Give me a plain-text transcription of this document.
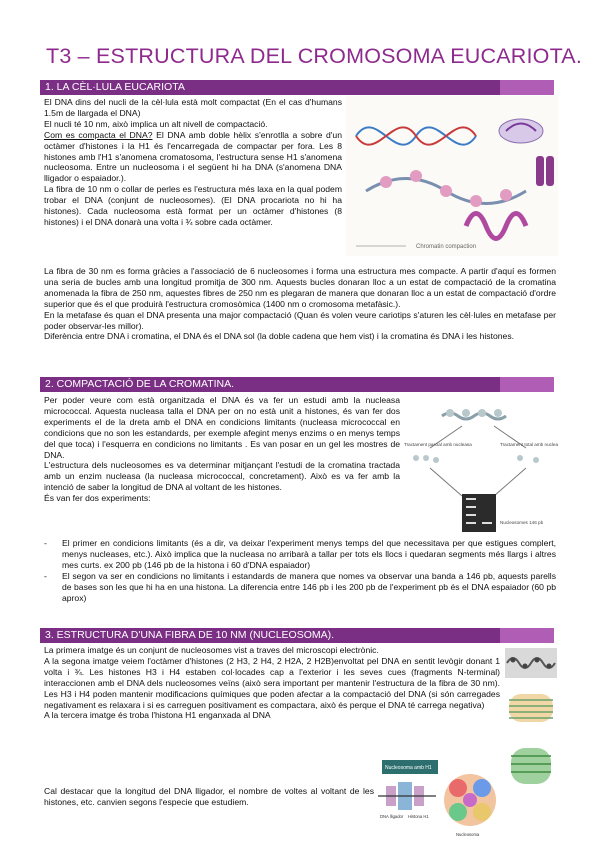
T3 – ESTRUCTURA DEL CROMOSOMA EUCARIOTA.
1. LA CÈL·LULA EUCARIOTA

El DNA dins del nucli de la cèl·lula està molt compactat (En el cas d'humans 1.5m de llargada el DNA)

El nucli té 10 nm, això implica un alt nivell de compactació.

Com es compacta el DNA? El DNA amb doble hèlix s'enrotlla a sobre d'un octàmer d'histones i la H1 és l'encarregada de compactar per fora. Les 8 histones amb l'H1 s'anomena cromatosoma, l'estructura sense H1 s'anomena nucleosoma. Entre un nucleosoma i el següent hi ha DNA (s'anomena DNA lligador o espaiador.).

La fibra de 10 nm o collar de perles es l'estructura més laxa en la qual podem trobar el DNA (conjunt de nucleosomes). (El DNA procariota no hi ha histones). Cada nucleosoma està format per un octàmer d'histones (8 histones) i el DNA donarà una volta i ¾ sobre cada octàmer.

La fibra de 30 nm es forma gràcies a l'associació de 6 nucleosomes i forma una estructura mes compacte. A partir d'aquí es formen una seria de bucles amb una longitud promitja de 300 nm. Aquests bucles donaran lloc a un estat de compactació de la cromatina anomenada la fibra de 250 nm, aquestes fibres de 250 nm es plegaran de manera que donaran lloc a un estat de compactació d'ordre superior que és el que produirà l'estructura cromosòmica (1400 nm o cromosoma metafàsic.).

En la metafase és quan el DNA presenta una major compactació (Quan és volen veure cariotips s'aturen les cèl·lules en metafase per poder observar-les millor).

Diferència entre DNA i cromatina, el DNA és el DNA sol (la doble cadena que hem vist) i la cromatina és DNA i les histones.

Chromatin compaction
2. COMPACTACIÓ DE LA CROMATINA.

Per poder veure com està organitzada el DNA és va fer un estudi amb la nucleasa micrococcal. Aquesta nucleasa talla el DNA per on no està unit a histones, és van fer dos experiments el de la dreta amb el DNA en condicions limitants (nucleasa micrococcal en condicions que no son les estandards, per exemple afegint menys enzims o en menys temps del que toca) i l'esquerra en condicions no limitants . Es van posar en un gel les mostres de DNA.

L'estructura dels nucleosomes es va determinar mitjançant l'estudi de la cromatina tractada amb un enzim nucleasa (la nucleasa micrococcal, concretament). Això es va fer amb la intenció de saber la longitud de DNA al voltant de les histones.

És van fer dos experiments:

-	El primer en condicions limitants (és a dir, va deixar l'experiment menys temps del que necessitava per que estigues complert, menys nucleases, etc.). Això implica que la nucleasa no arribarà a tallar per tots els llocs i quedaran segments més llargs i altres mes curts. ex 200 pb (146 pb de la histona i 60 d'DNA espaiador)
-	El segon va ser en condicions no limitants i estandards de manera que nomes va observar una banda a 146 pb, aquests parells de bases son les que hi ha en una histona. La diferencia entre 146 pb i les 200 pb de l'experiment pb és el DNA espaiador (60 pb aprox)
Tractament parcial amb nucleasa	Tractament total amb nucleasa
Nucleosomes 146 pb
3. ESTRUCTURA D'UNA FIBRA DE 10 NM (NUCLEOSOMA).

La primera imatge és un conjunt de nucleosomes vist a traves del microscopi electrònic.

A la segona imatge veiem l'octàmer d'histones (2 H3, 2 H4, 2 H2A, 2 H2B)envoltat pel DNA en sentit levògir donant 1 volta i ¾. Les histones H3 i H4 estaben col·locades cap a l'exterior i les seves cues (fragments N-terminal) interaccionen amb el DNA dels nucleosomes veïns (això sera important per mantenir l'estructura de la fibra de 30 nm). Les H3 i H4 poden mantenir modificacions químiques que poden afectar a la compactació del DNA (si són carregades negativament es relaxara i si es carreguen positivament es compactara, això és perque el DNA té carrega negativa)

A la tercera imatge és troba l'histona H1 enganxada al DNA

Cal destacar que la longitud del DNA lligador, el nombre de voltes al voltant de les histones, etc. canvien segons l'especie que estudiem.

Nucleosoma amb H1
DNA lligador Histona H1
Nucleosoma
